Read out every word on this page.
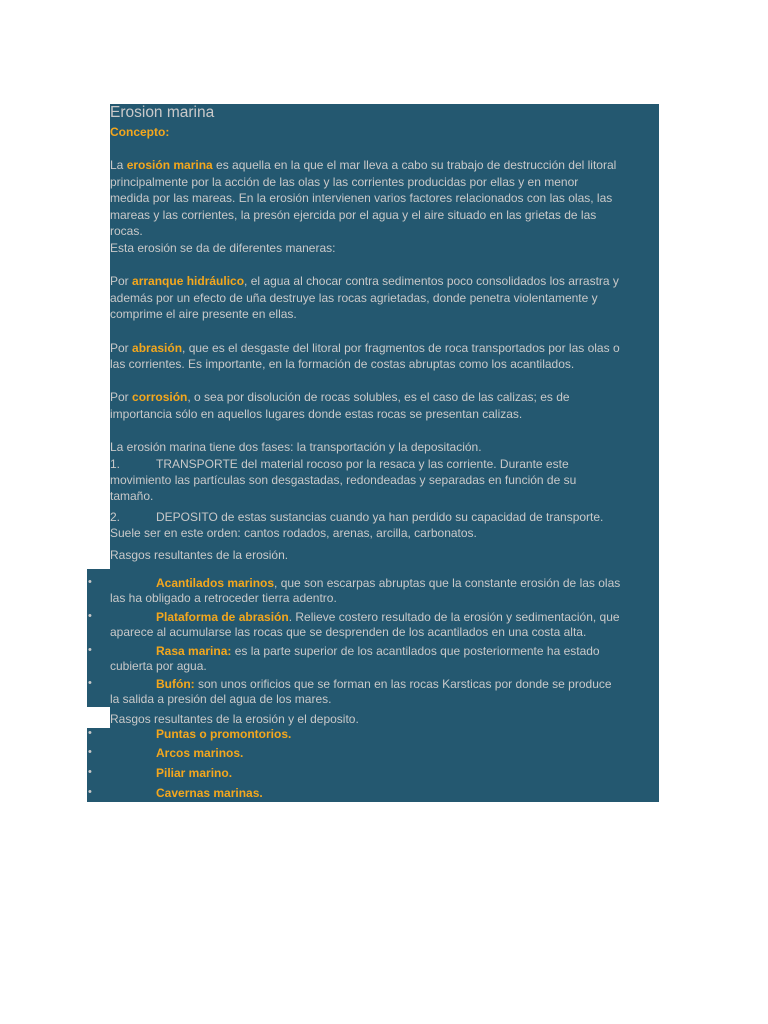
Erosion marina
Concepto:
La erosión marina es aquella en la que el mar lleva a cabo su trabajo de destrucción del litoral
principalmente por la acción de las olas y las corrientes producidas por ellas y en menor
medida por las mareas. En la erosión intervienen varios factores relacionados con las olas, las
mareas y las corrientes, la presón ejercida por el agua y el aire situado en las grietas de las
rocas.
Esta erosión se da de diferentes maneras:
Por arranque hidráulico, el agua al chocar contra sedimentos poco consolidados los arrastra y
además por un efecto de uña destruye las rocas agrietadas, donde penetra violentamente y
comprime el aire presente en ellas.
Por abrasión, que es el desgaste del litoral por fragmentos de roca transportados por las olas o
las corrientes. Es importante, en la formación de costas abruptas como los acantilados.
Por corrosión, o sea por disolución de rocas solubles, es el caso de las calizas; es de
importancia sólo en aquellos lugares donde estas rocas se presentan calizas.
La erosión marina tiene dos fases: la transportación y la depositación.
1.	TRANSPORTE del material rocoso por la resaca y las corriente. Durante este
movimiento las partículas son desgastadas, redondeadas y separadas en función de su
tamaño.
2.	DEPOSITO de estas sustancias cuando ya han perdido su capacidad de transporte.
Suele ser en este orden: cantos rodados, arenas, arcilla, carbonatos.
Rasgos resultantes de la erosión.
•	Acantilados marinos, que son escarpas abruptas que la constante erosión de las olas
las ha obligado a retroceder tierra adentro.
•	Plataforma de abrasión. Relieve costero resultado de la erosión y sedimentación, que
aparece al acumularse las rocas que se desprenden de los acantilados en una costa alta.
•	Rasa marina: es la parte superior de los acantilados que posteriormente ha estado
cubierta por agua.
•	Bufón: son unos orificios que se forman en las rocas Karsticas por donde se produce
la salida a presión del agua de los mares.
Rasgos resultantes de la erosión y el deposito.
•	Puntas o promontorios.
•	Arcos marinos.
•	Piliar marino.
•	Cavernas marinas.
